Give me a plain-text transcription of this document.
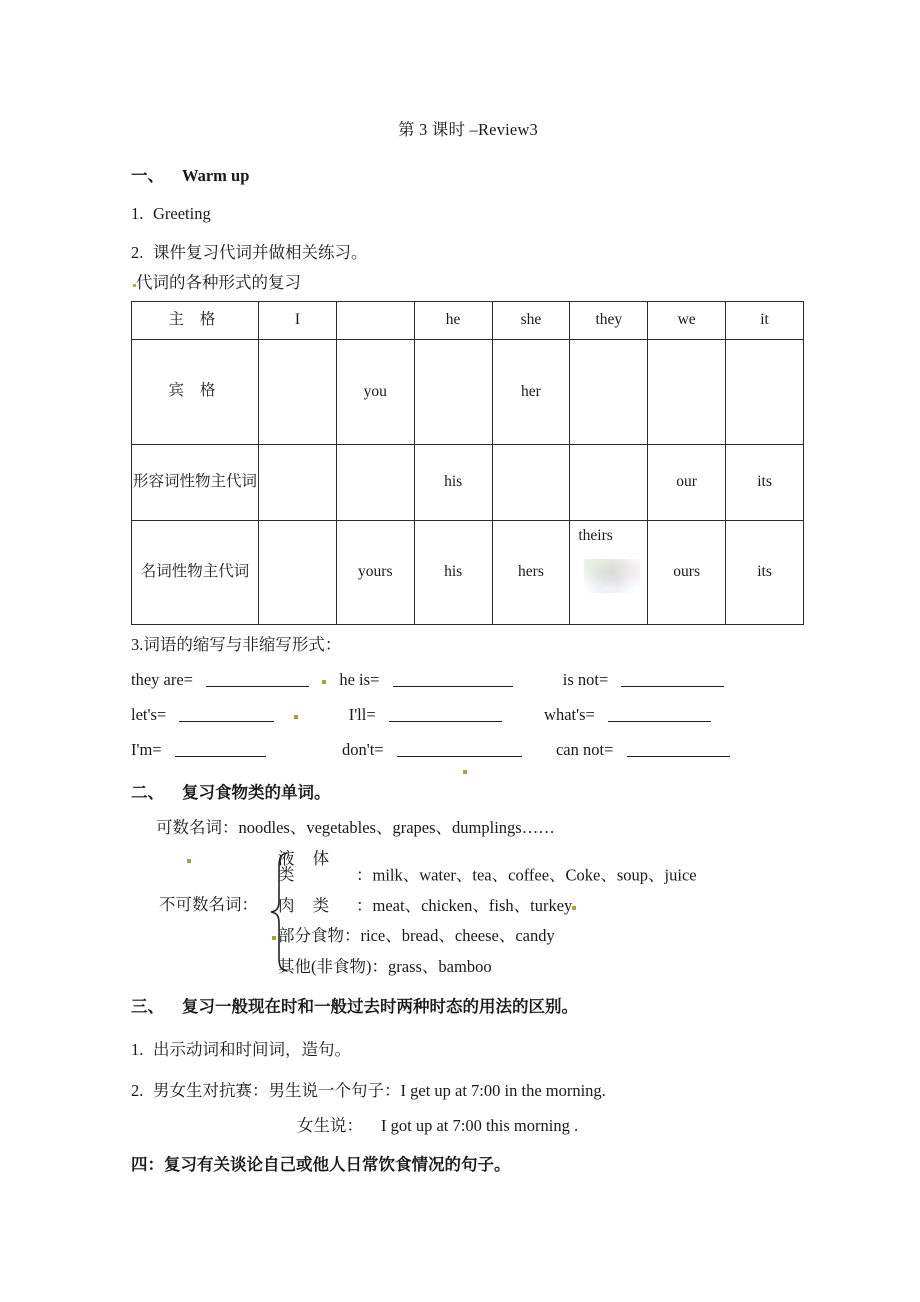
第 3 课时 –Review3
一、 Warm up
1. Greeting
2. 课件复习代词并做相关练习。
代词的各种形式的复习
主 格	I		he	she	they	we	it
宾 格		you		her			
形容词性物主代词			his			our	its
名词性物主代词		yours	his	hers	theirs	ours	its
3.词语的缩写与非缩写形式：
they are=	he is=	is not=
let's=	I'll=	what's=
I'm=	don't=	can not=
二、 复习食物类的单词。
可数名词：noodles、vegetables、grapes、dumplings……
不可数名词：
液 体 类	：milk、water、tea、coffee、Coke、soup、juice
肉 类 ：meat、chicken、fish、turkey
部分食物：rice、bread、cheese、candy
其他(非食物)：grass、bamboo
三、 复习一般现在时和一般过去时两种时态的用法的区别。
1. 出示动词和时间词，造句。
2. 男女生对抗赛：男生说一个句子：I get up at 7:00 in the morning.
女生说： I got up at 7:00 this morning .
四：复习有关谈论自己或他人日常饮食情况的句子。
